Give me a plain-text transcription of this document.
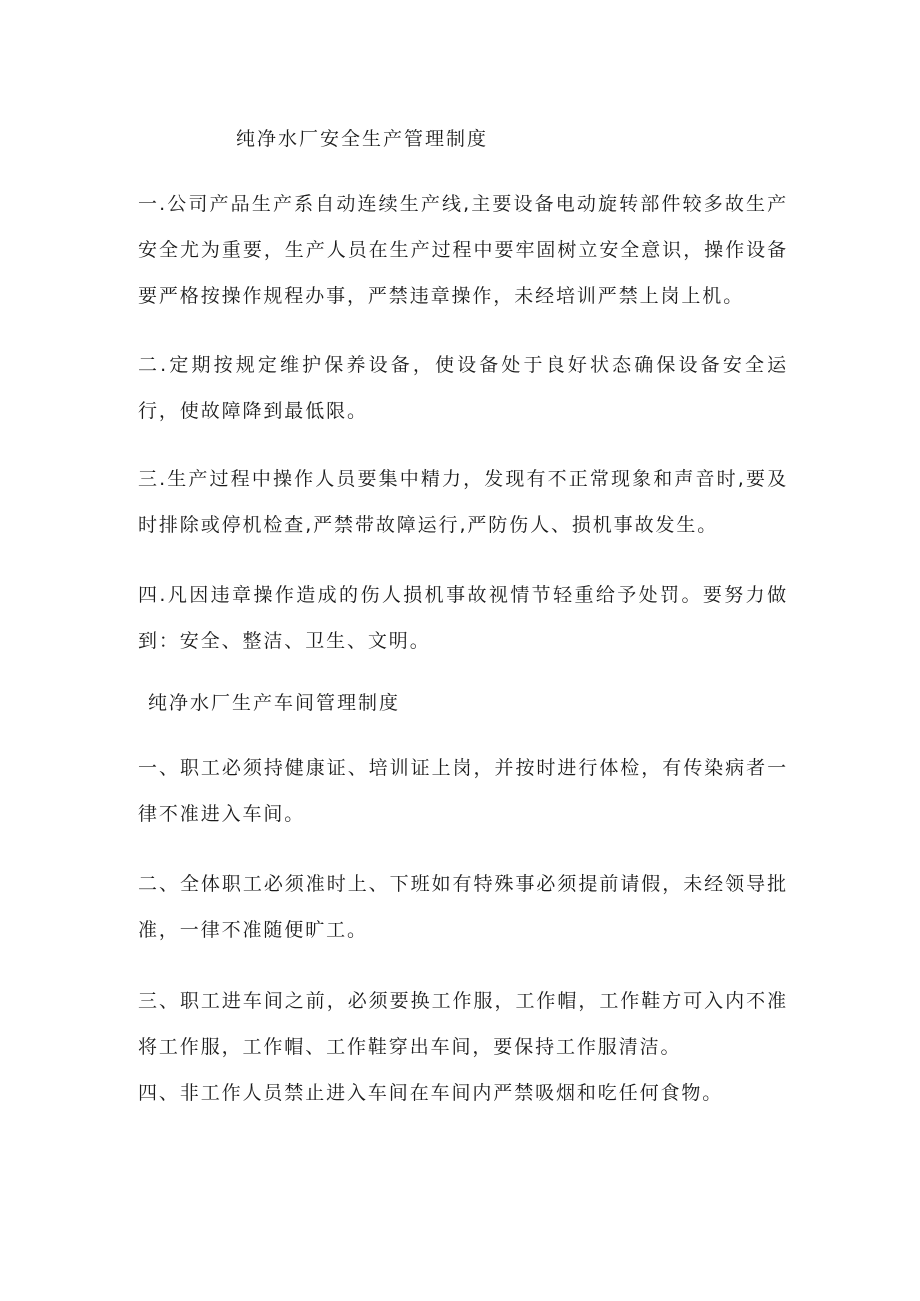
纯净水厂安全生产管理制度

一.公司产品生产系自动连续生产线,主要设备电动旋转部件较多故生产安全尤为重要，生产人员在生产过程中要牢固树立安全意识，操作设备要严格按操作规程办事，严禁违章操作，未经培训严禁上岗上机。

二.定期按规定维护保养设备，使设备处于良好状态确保设备安全运行，使故障降到最低限。

三.生产过程中操作人员要集中精力，发现有不正常现象和声音时,要及时排除或停机检查,严禁带故障运行,严防伤人、损机事故发生。

四.凡因违章操作造成的伤人损机事故视情节轻重给予处罚。要努力做到：安全、整洁、卫生、文明。

纯净水厂生产车间管理制度

一、职工必须持健康证、培训证上岗，并按时进行体检，有传染病者一律不准进入车间。

二、全体职工必须准时上、下班如有特殊事必须提前请假，未经领导批准，一律不准随便旷工。

三、职工进车间之前，必须要换工作服，工作帽，工作鞋方可入内不准将工作服，工作帽、工作鞋穿出车间，要保持工作服清洁。

四、非工作人员禁止进入车间在车间内严禁吸烟和吃任何食物。
